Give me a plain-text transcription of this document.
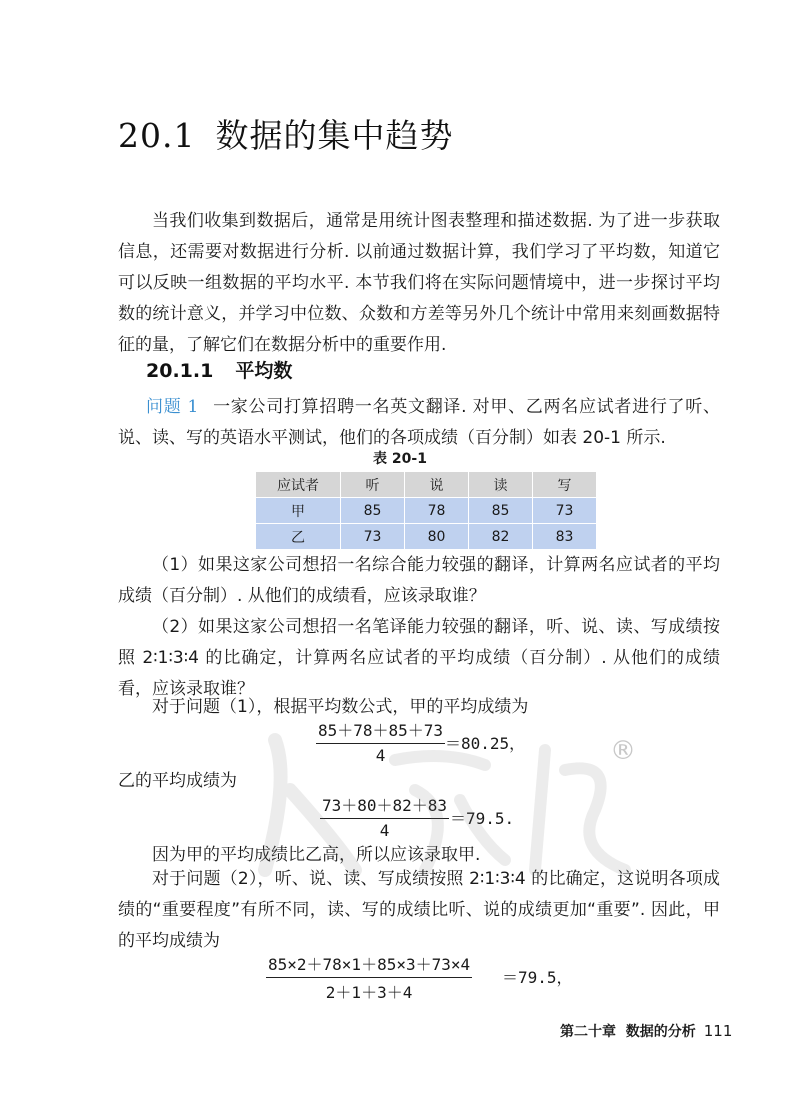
20.1 数据的集中趋势
当我们收集到数据后，通常是用统计图表整理和描述数据. 为了进一步获取信息，还需要对数据进行分析. 以前通过数据计算，我们学习了平均数，知道它可以反映一组数据的平均水平. 本节我们将在实际问题情境中，进一步探讨平均数的统计意义，并学习中位数、众数和方差等另外几个统计中常用来刻画数据特征的量，了解它们在数据分析中的重要作用.
20.1.1 平均数
问题 1 一家公司打算招聘一名英文翻译. 对甲、乙两名应试者进行了听、说、读、写的英语水平测试，他们的各项成绩（百分制）如表 20-1 所示.
表 20-1
应试者	听	说	读	写
甲	85	78	85	73
乙	73	80	82	83
（1）如果这家公司想招一名综合能力较强的翻译，计算两名应试者的平均成绩（百分制）. 从他们的成绩看，应该录取谁？
（2）如果这家公司想招一名笔译能力较强的翻译，听、说、读、写成绩按照 2∶1∶3∶4 的比确定，计算两名应试者的平均成绩（百分制）. 从他们的成绩看，应该录取谁？
对于问题（1），根据平均数公式，甲的平均成绩为
$\frac{85+78+85+73}{4} =80.25$，
乙的平均成绩为
$\frac{73+80+82+83}{4} =79.5$.
因为甲的平均成绩比乙高，所以应该录取甲.
对于问题（2），听、说、读、写成绩按照 2∶1∶3∶4 的比确定，这说明各项成绩的“重要程度”有所不同，读、写的成绩比听、说的成绩更加“重要”. 因此，甲的平均成绩为
$\frac{85\times 2+78\times 1+85\times 3+73\times 4}{2+1+3+4} =79.5$，
®
第二十章 数据的分析 111
